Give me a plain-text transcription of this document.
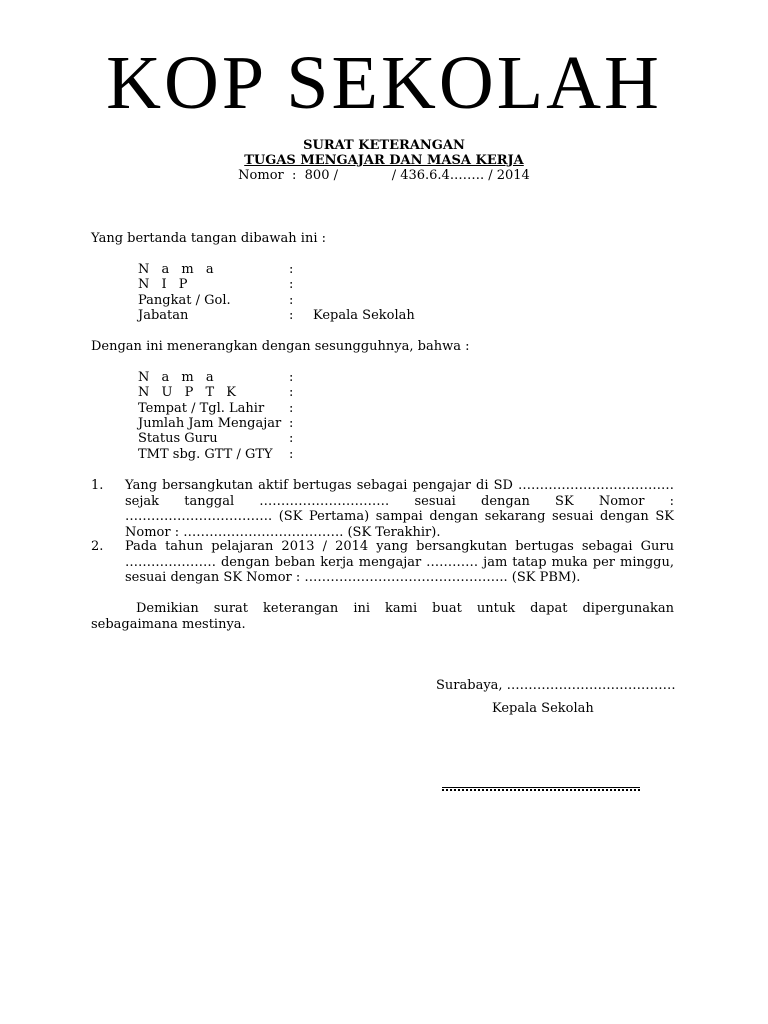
KOP SEKOLAH
SURAT KETERANGAN
TUGAS MENGAJAR DAN MASA KERJA
Nomor  :  800 /             / 436.6.4.……. / 2014
Yang bertanda tangan dibawah ini :
N a m a	:
N I P	:
Pangkat / Gol.	:
Jabatan	: Kepala Sekolah
Dengan ini menerangkan dengan sesungguhnya, bahwa :
N a m a	:
N U P T K	:
Tempat / Tgl. Lahir :
Jumlah Jam Mengajar :
Status Guru	:
TMT sbg. GTT / GTY :
1. Yang bersangkutan aktif bertugas sebagai pengajar di SD ……………………………… sejak tanggal ………………………… sesuai dengan SK Nomor : ……………………………. (SK Pertama) sampai dengan sekarang sesuai dengan SK Nomor : ………………………………. (SK Terakhir).
2. Pada tahun pelajaran 2013 / 2014 yang bersangkutan bertugas sebagai Guru ………………… dengan beban kerja mengajar ………… jam tatap muka per minggu, sesuai dengan SK Nomor : ……………………………………….. (SK PBM).
Demikian surat keterangan ini kami buat untuk dapat dipergunakan sebagaimana mestinya.
Surabaya, …………………………………
Kepala Sekolah
